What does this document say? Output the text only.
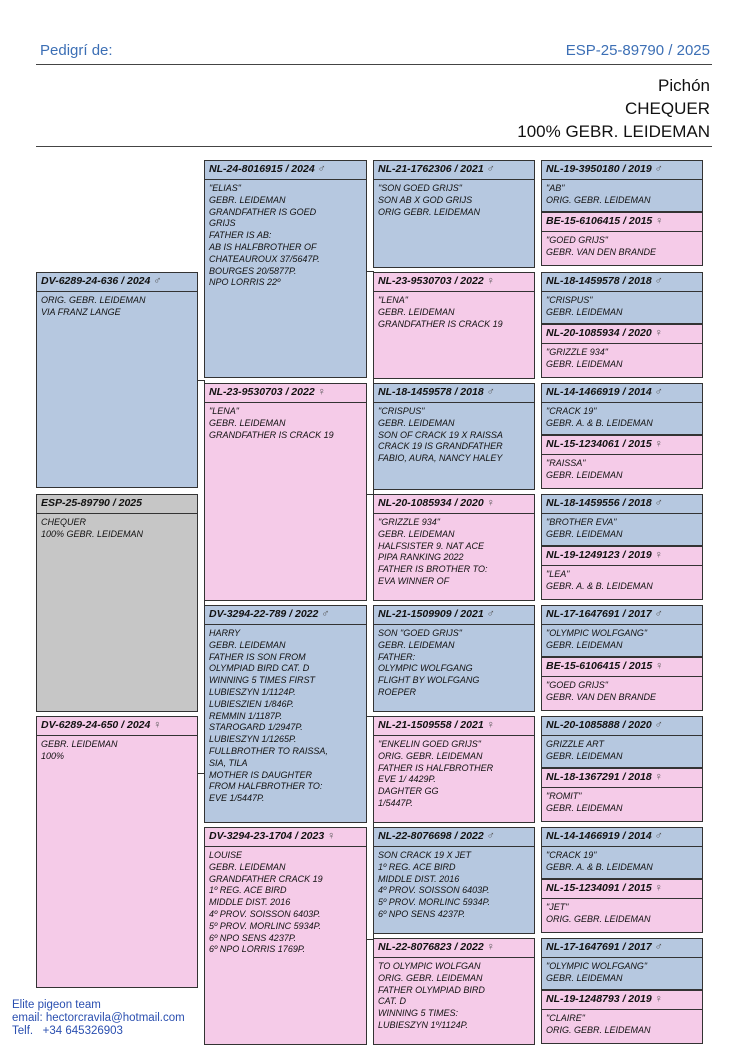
Pedigrí de:	ESP-25-89790 / 2025
Pichón
CHEQUER
100% GEBR. LEIDEMAN
ESP-25-89790 / 2025
CHEQUER
100% GEBR. LEIDEMAN
DV-6289-24-636 / 2024 ♂
ORIG. GEBR. LEIDEMAN
VIA FRANZ LANGE
DV-6289-24-650 / 2024 ♀
GEBR. LEIDEMAN
100%
NL-24-8016915 / 2024 ♂
"ELIAS"
GEBR. LEIDEMAN
GRANDFATHER IS GOED
GRIJS
FATHER IS AB:
AB IS HALFBROTHER OF
CHATEAUROUX 37/5647P.
BOURGES 20/5877P.
NPO LORRIS 22º
NL-23-9530703 / 2022 ♀
"LENA"
GEBR. LEIDEMAN
GRANDFATHER IS CRACK 19
DV-3294-22-789 / 2022 ♂
HARRY
GEBR. LEIDEMAN
FATHER IS SON FROM
OLYMPIAD BIRD CAT. D
WINNING 5 TIMES FIRST
LUBIESZYN 1/1124P.
LUBIESZIEN 1/846P.
REMMIN 1/1187P.
STAROGARD 1/2947P.
LUBIESZYN 1/1265P.
FULLBROTHER TO RAISSA,
SIA, TILA
MOTHER IS DAUGHTER
FROM HALFBROTHER TO:
EVE 1/5447P.
DV-3294-23-1704 / 2023 ♀
LOUISE
GEBR. LEIDEMAN
GRANDFATHER CRACK 19
1º REG. ACE BIRD
MIDDLE DIST. 2016
4º PROV. SOISSON 6403P.
5º PROV. MORLINC 5934P.
6º NPO SENS 4237P.
6º NPO LORRIS 1769P.
NL-21-1762306 / 2021 ♂
"SON GOED GRIJS"
SON AB X GOD GRIJS
ORIG GEBR. LEIDEMAN
NL-23-9530703 / 2022 ♀
"LENA"
GEBR. LEIDEMAN
GRANDFATHER IS CRACK 19
NL-18-1459578 / 2018 ♂
"CRISPUS"
GEBR. LEIDEMAN
SON OF CRACK 19 X RAISSA
CRACK 19 IS GRANDFATHER
FABIO, AURA, NANCY HALEY
NL-20-1085934 / 2020 ♀
"GRIZZLE 934"
GEBR. LEIDEMAN
HALFSISTER 9. NAT ACE
PIPA RANKING 2022
FATHER IS BROTHER TO:
EVA WINNER OF
NL-21-1509909 / 2021 ♂
SON "GOED GRIJS"
GEBR. LEIDEMAN
FATHER:
OLYMPIC WOLFGANG
FLIGHT BY WOLFGANG
ROEPER
NL-21-1509558 / 2021 ♀
"ENKELIN GOED GRIJS"
ORIG. GEBR. LEIDEMAN
FATHER IS HALFBROTHER
EVE 1/ 4429P.
DAGHTER GG
1/5447P.
NL-22-8076698 / 2022 ♂
SON CRACK 19 X JET
1º REG. ACE BIRD
MIDDLE DIST. 2016
4º PROV. SOISSON 6403P.
5º PROV. MORLINC 5934P.
6º NPO SENS 4237P.
NL-22-8076823 / 2022 ♀
TO OLYMPIC WOLFGAN
ORIG. GEBR. LEIDEMAN
FATHER OLYMPIAD BIRD
CAT. D
WINNING 5 TIMES:
LUBIESZYN 1º/1124P.
NL-19-3950180 / 2019 ♂
"AB"
ORIG. GEBR. LEIDEMAN
BE-15-6106415 / 2015 ♀
"GOED GRIJS"
GEBR. VAN DEN BRANDE
NL-18-1459578 / 2018 ♂
"CRISPUS"
GEBR. LEIDEMAN
NL-20-1085934 / 2020 ♀
"GRIZZLE 934"
GEBR. LEIDEMAN
NL-14-1466919 / 2014 ♂
"CRACK 19"
GEBR. A. & B. LEIDEMAN
NL-15-1234061 / 2015 ♀
"RAISSA"
GEBR. LEIDEMAN
NL-18-1459556 / 2018 ♂
"BROTHER EVA"
GEBR. LEIDEMAN
NL-19-1249123 / 2019 ♀
"LEA"
GEBR. A. & B. LEIDEMAN
NL-17-1647691 / 2017 ♂
"OLYMPIC WOLFGANG"
GEBR. LEIDEMAN
BE-15-6106415 / 2015 ♀
"GOED GRIJS"
GEBR. VAN DEN BRANDE
NL-20-1085888 / 2020 ♂
GRIZZLE ART
GEBR. LEIDEMAN
NL-18-1367291 / 2018 ♀
"ROMIT"
GEBR. LEIDEMAN
NL-14-1466919 / 2014 ♂
"CRACK 19"
GEBR. A. & B. LEIDEMAN
NL-15-1234091 / 2015 ♀
"JET"
ORIG. GEBR. LEIDEMAN
NL-17-1647691 / 2017 ♂
"OLYMPIC WOLFGANG"
GEBR. LEIDEMAN
NL-19-1248793 / 2019 ♀
"CLAIRE"
ORIG. GEBR. LEIDEMAN
Elite pigeon team
email: hectorcravila@hotmail.com
Telf.   +34 645326903
